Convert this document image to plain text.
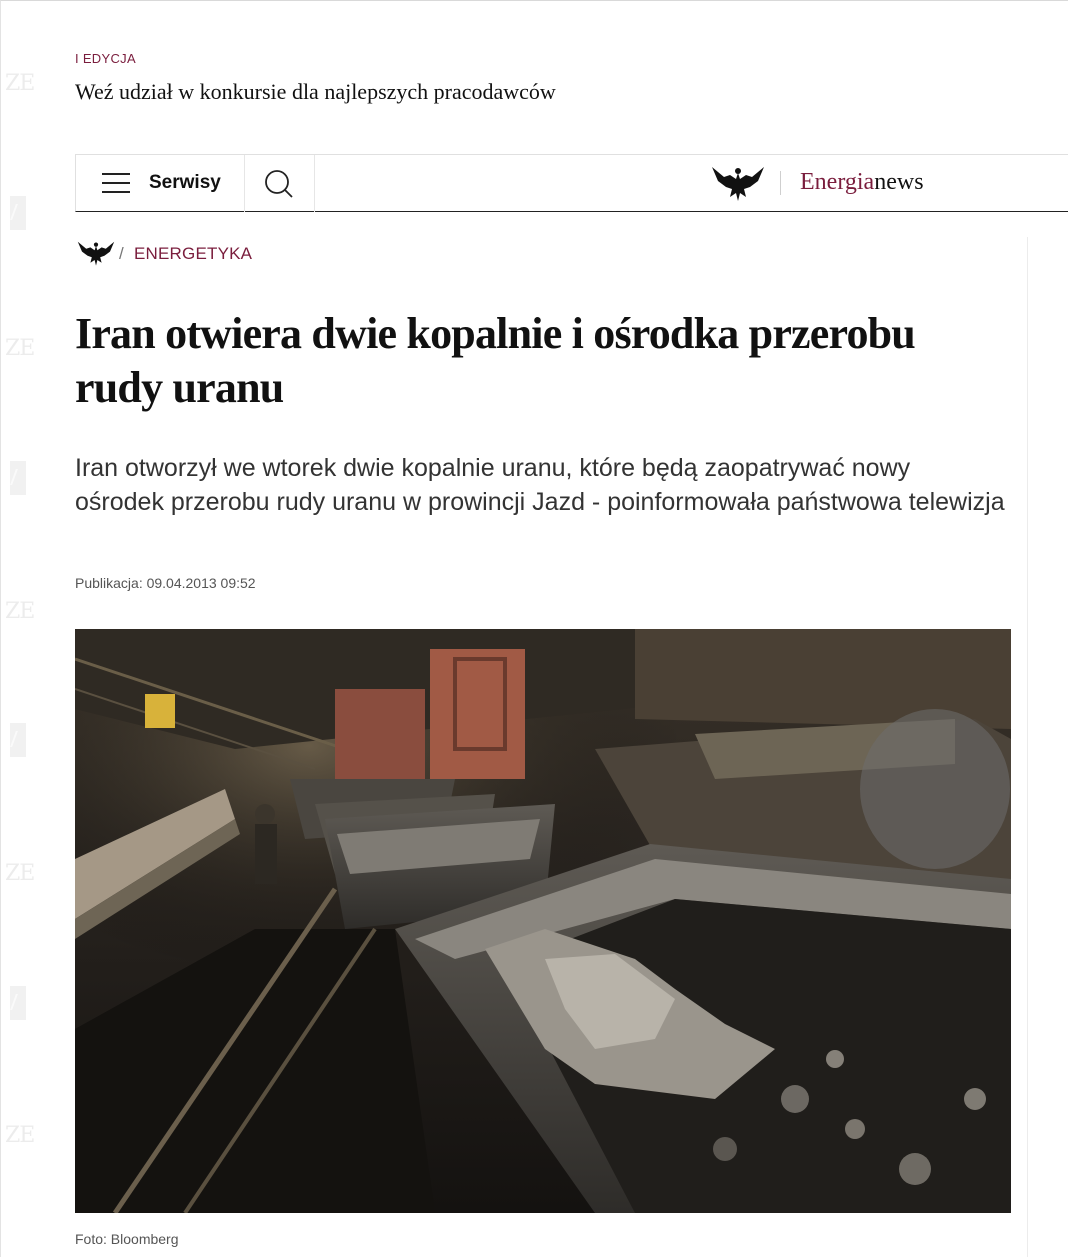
ZE
ZE
ZE
ZE
ZE
I EDYCJA
Weź udział w konkursie dla najlepszych pracodawców
Serwisy	Energianews
/ ENERGETYKA
Iran otwiera dwie kopalnie i ośrodka przerobu rudy uranu

Iran otworzył we wtorek dwie kopalnie uranu, które będą zaopatrywać nowy ośrodek przerobu rudy uranu w prowincji Jazd - poinformowała państwowa telewizja

Publikacja: 09.04.2013 09:52
Foto: Bloomberg
